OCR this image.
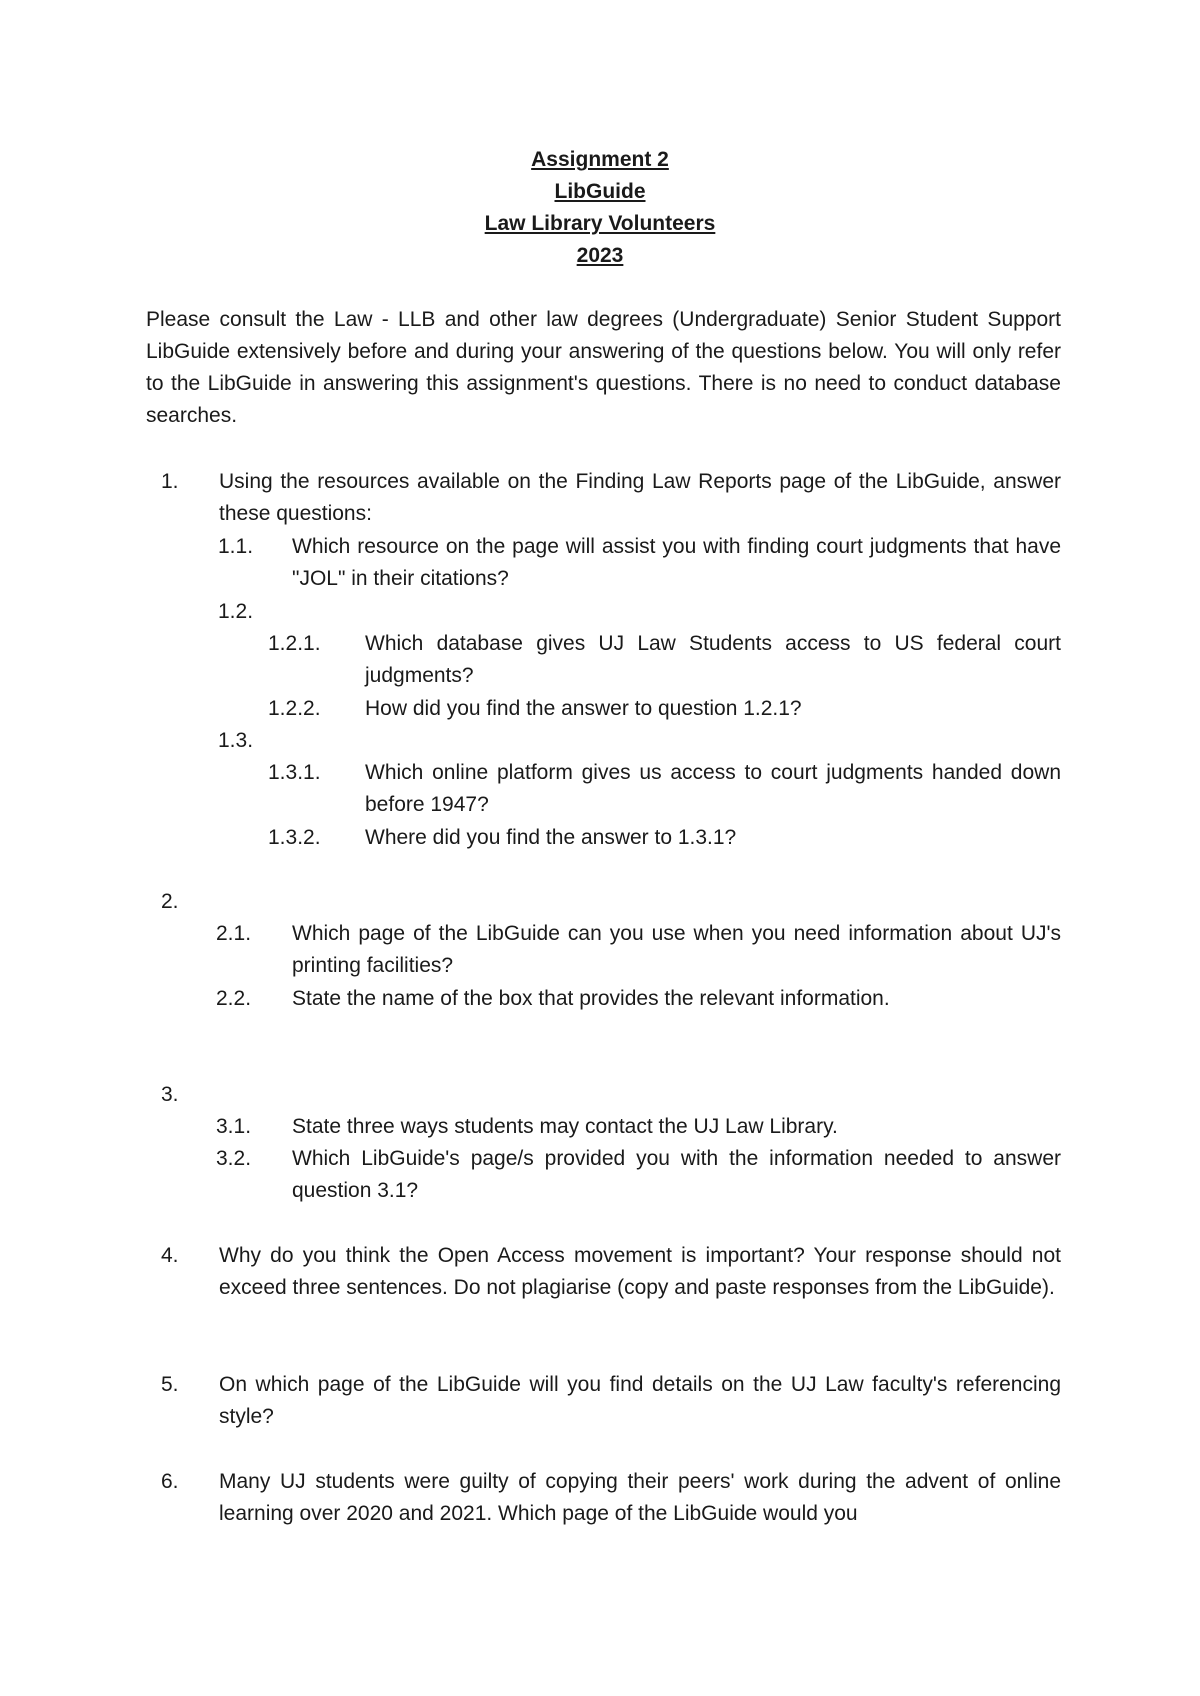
Assignment 2
LibGuide
Law Library Volunteers
2023
Please consult the Law - LLB and other law degrees (Undergraduate) Senior Student Support LibGuide extensively before and during your answering of the questions below. You will only refer to the LibGuide in answering this assignment's questions. There is no need to conduct database searches.
1. Using the resources available on the Finding Law Reports page of the LibGuide, answer these questions:
1.1. Which resource on the page will assist you with finding court judgments that have "JOL" in their citations?
1.2.
1.2.1. Which database gives UJ Law Students access to US federal court judgments?
1.2.2. How did you find the answer to question 1.2.1?
1.3.
1.3.1. Which online platform gives us access to court judgments handed down before 1947?
1.3.2. Where did you find the answer to 1.3.1?
2.
2.1. Which page of the LibGuide can you use when you need information about UJ's printing facilities?
2.2. State the name of the box that provides the relevant information.
3.
3.1. State three ways students may contact the UJ Law Library.
3.2. Which LibGuide's page/s provided you with the information needed to answer question 3.1?
4. Why do you think the Open Access movement is important? Your response should not exceed three sentences. Do not plagiarise (copy and paste responses from the LibGuide).
5. On which page of the LibGuide will you find details on the UJ Law faculty's referencing style?
6. Many UJ students were guilty of copying their peers' work during the advent of online learning over 2020 and 2021. Which page of the LibGuide would you
